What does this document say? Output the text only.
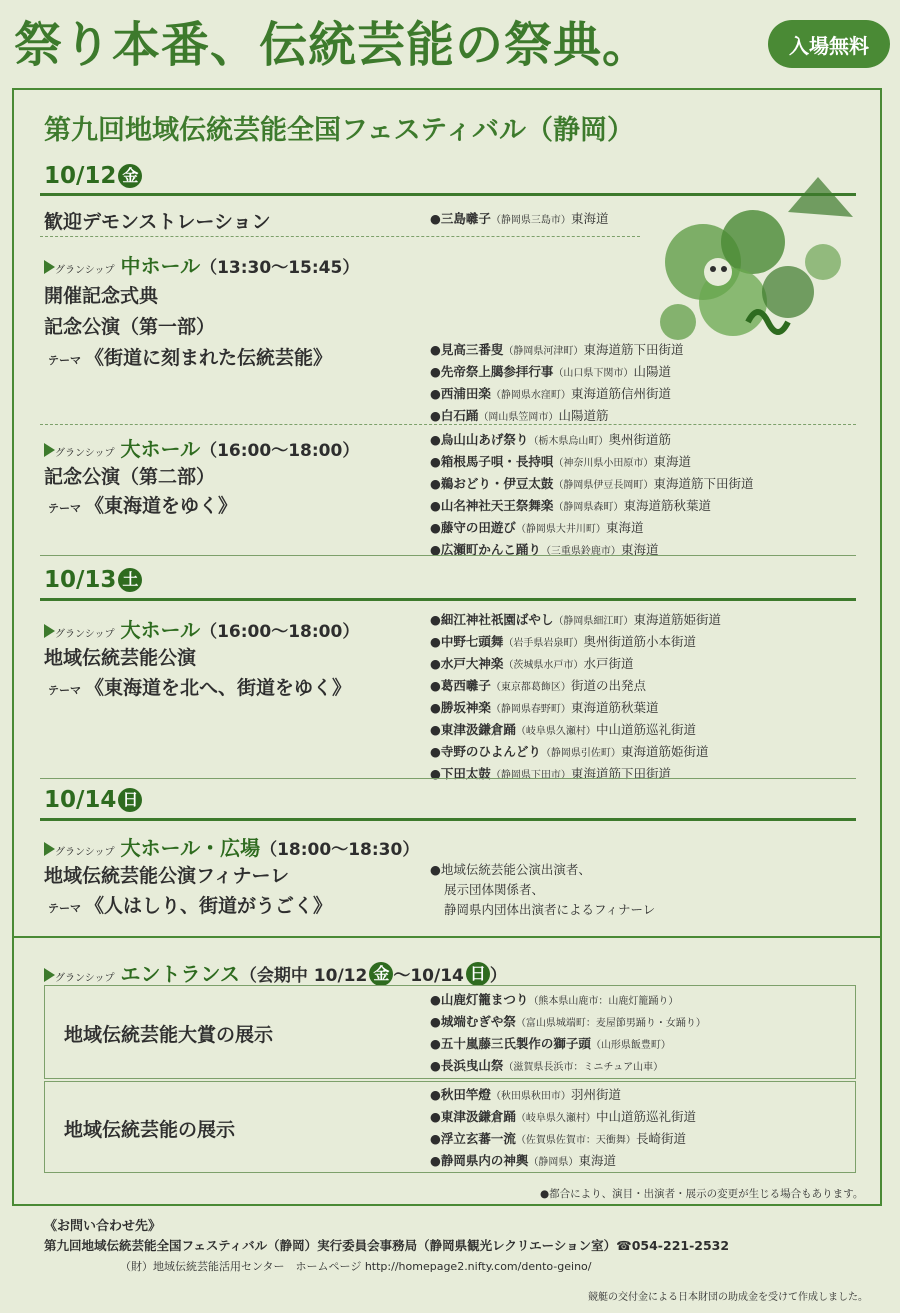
祭り本番、伝統芸能の祭典。	入場無料
第九回地域伝統芸能全国フェスティバル（静岡）
10/12 金
歓迎デモンストレーション	●三島囃子（静岡県三島市）東海道
グランシップ 中ホール（13:30〜15:45）
開催記念式典
記念公演（第一部）
テーマ 《街道に刻まれた伝統芸能》	●見高三番叟（静岡県河津町）東海道筋下田街道
●先帝祭上臈参拝行事（山口県下関市）山陽道
●西浦田楽（静岡県水窪町）東海道筋信州街道
●白石踊（岡山県笠岡市）山陽道筋
グランシップ 大ホール（16:00〜18:00）
記念公演（第二部）
テーマ 《東海道をゆく》
●烏山山あげ祭り（栃木県烏山町）奥州街道筋
●箱根馬子唄・長持唄（神奈川県小田原市）東海道
●鵜おどり・伊豆太鼓（静岡県伊豆長岡町）東海道筋下田街道
●山名神社天王祭舞楽（静岡県森町）東海道筋秋葉道
●藤守の田遊び（静岡県大井川町）東海道
●広瀬町かんこ踊り（三重県鈴鹿市）東海道
10/13 土
グランシップ 大ホール（16:00〜18:00）
地域伝統芸能公演
テーマ 《東海道を北へ、街道をゆく》
●細江神社祇園ばやし（静岡県細江町）東海道筋姫街道
●中野七頭舞（岩手県岩泉町）奥州街道筋小本街道
●水戸大神楽（茨城県水戸市）水戸街道
●葛西囃子（東京都葛飾区）街道の出発点
●勝坂神楽（静岡県春野町）東海道筋秋葉道
●東津汲鎌倉踊（岐阜県久瀬村）中山道筋巡礼街道
●寺野のひよんどり（静岡県引佐町）東海道筋姫街道
●下田太鼓（静岡県下田市）東海道筋下田街道
10/14 日
グランシップ 大ホール・広場（18:00〜18:30）
地域伝統芸能公演フィナーレ
テーマ 《人はしり、街道がうごく》
●地域伝統芸能公演出演者、
展示団体関係者、
静岡県内団体出演者によるフィナーレ
グランシップ エントランス（会期中 10/12 金 〜10/14 日 ）
地域伝統芸能大賞の展示
●山鹿灯籠まつり（熊本県山鹿市：山鹿灯籠踊り）
●城端むぎや祭（富山県城端町：麦屋節男踊り・女踊り）
●五十嵐藤三氏製作の獅子頭（山形県飯豊町）
●長浜曳山祭（滋賀県長浜市：ミニチュア山車）
地域伝統芸能の展示
●秋田竿燈（秋田県秋田市）羽州街道
●東津汲鎌倉踊（岐阜県久瀬村）中山道筋巡礼街道
●浮立玄蕃一流（佐賀県佐賀市：天衝舞）長崎街道
●静岡県内の神輿（静岡県）東海道
●都合により、演目・出演者・展示の変更が生じる場合もあります。
《お問い合わせ先》
第九回地域伝統芸能全国フェスティバル（静岡）実行委員会事務局（静岡県観光レクリエーション室）☎054-221-2532
（財）地域伝統芸能活用センター　ホームページ http://homepage2.nifty.com/dento-geino/
競艇の交付金による日本財団の助成金を受けて作成しました。
